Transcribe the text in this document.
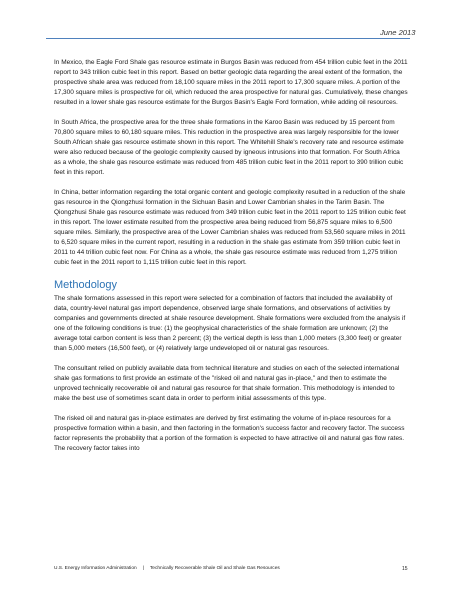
June 2013

In Mexico, the Eagle Ford Shale gas resource estimate in Burgos Basin was reduced from 454 trillion cubic feet in the 2011 report to 343 trillion cubic feet in this report. Based on better geologic data regarding the areal extent of the formation, the prospective shale area was reduced from 18,100 square miles in the 2011 report to 17,300 square miles. A portion of the 17,300 square miles is prospective for oil, which reduced the area prospective for natural gas. Cumulatively, these changes resulted in a lower shale gas resource estimate for the Burgos Basin's Eagle Ford formation, while adding oil resources.

In South Africa, the prospective area for the three shale formations in the Karoo Basin was reduced by 15 percent from 70,800 square miles to 60,180 square miles. This reduction in the prospective area was largely responsible for the lower South African shale gas resource estimate shown in this report. The Whitehill Shale's recovery rate and resource estimate were also reduced because of the geologic complexity caused by igneous intrusions into that formation. For South Africa as a whole, the shale gas resource estimate was reduced from 485 trillion cubic feet in the 2011 report to 390 trillion cubic feet in this report.

In China, better information regarding the total organic content and geologic complexity resulted in a reduction of the shale gas resource in the Qiongzhusi formation in the Sichuan Basin and Lower Cambrian shales in the Tarim Basin. The Qiongzhusi Shale gas resource estimate was reduced from 349 trillion cubic feet in the 2011 report to 125 trillion cubic feet in this report. The lower estimate resulted from the prospective area being reduced from 56,875 square miles to 6,500 square miles. Similarly, the prospective area of the Lower Cambrian shales was reduced from 53,560 square miles in 2011 to 6,520 square miles in the current report, resulting in a reduction in the shale gas estimate from 359 trillion cubic feet in 2011 to 44 trillion cubic feet now. For China as a whole, the shale gas resource estimate was reduced from 1,275 trillion cubic feet in the 2011 report to 1,115 trillion cubic feet in this report.

Methodology

The shale formations assessed in this report were selected for a combination of factors that included the availability of data, country-level natural gas import dependence, observed large shale formations, and observations of activities by companies and governments directed at shale resource development. Shale formations were excluded from the analysis if one of the following conditions is true: (1) the geophysical characteristics of the shale formation are unknown; (2) the average total carbon content is less than 2 percent; (3) the vertical depth is less than 1,000 meters (3,300 feet) or greater than 5,000 meters (16,500 feet), or (4) relatively large undeveloped oil or natural gas resources.

The consultant relied on publicly available data from technical literature and studies on each of the selected international shale gas formations to first provide an estimate of the "risked oil and natural gas in-place," and then to estimate the unproved technically recoverable oil and natural gas resource for that shale formation. This methodology is intended to make the best use of sometimes scant data in order to perform initial assessments of this type.

The risked oil and natural gas in-place estimates are derived by first estimating the volume of in-place resources for a prospective formation within a basin, and then factoring in the formation's success factor and recovery factor. The success factor represents the probability that a portion of the formation is expected to have attractive oil and natural gas flow rates. The recovery factor takes into

U.S. Energy Information Administration | Technically Recoverable Shale Oil and Shale Gas Resources	15
